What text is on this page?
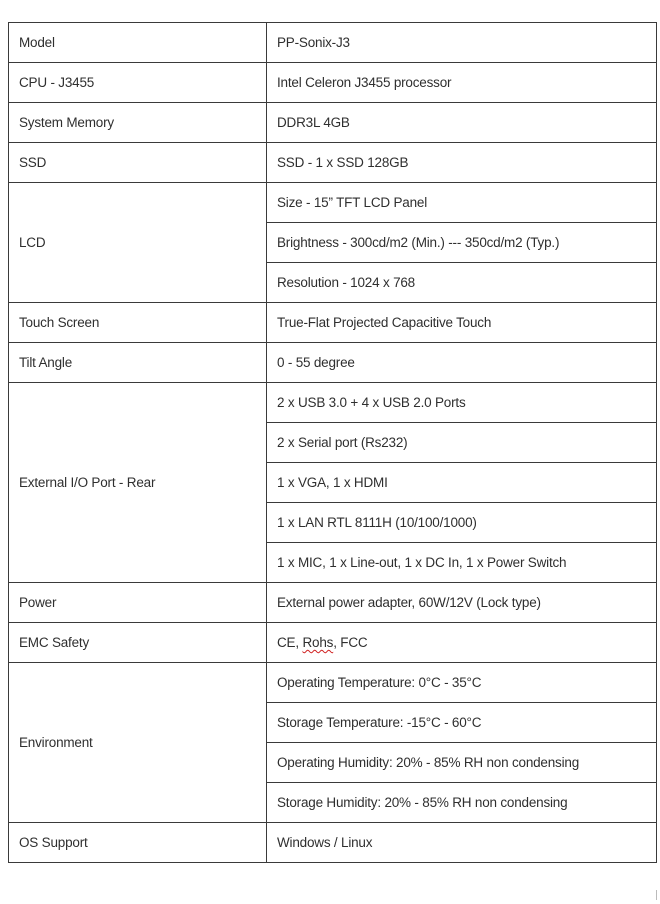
Model	PP-Sonix-J3
CPU - J3455	Intel Celeron J3455 processor
System Memory	DDR3L 4GB
SSD	SSD - 1 x SSD 128GB
LCD	Size - 15” TFT LCD Panel
	Brightness - 300cd/m2 (Min.) --- 350cd/m2 (Typ.)
	Resolution - 1024 x 768
Touch Screen	True-Flat Projected Capacitive Touch
Tilt Angle	0 - 55 degree
External I/O Port - Rear	2 x USB 3.0 + 4 x USB 2.0 Ports
	2 x Serial port (Rs232)
	1 x VGA, 1 x HDMI
	1 x LAN RTL 8111H (10/100/1000)
	1 x MIC, 1 x Line-out, 1 x DC In, 1 x Power Switch
Power	External power adapter, 60W/12V (Lock type)
EMC Safety	CE, Rohs, FCC
Environment	Operating Temperature: 0°C - 35°C
	Storage Temperature: -15°C - 60°C
	Operating Humidity: 20% - 85% RH non condensing
	Storage Humidity: 20% - 85% RH non condensing
OS Support	Windows / Linux
